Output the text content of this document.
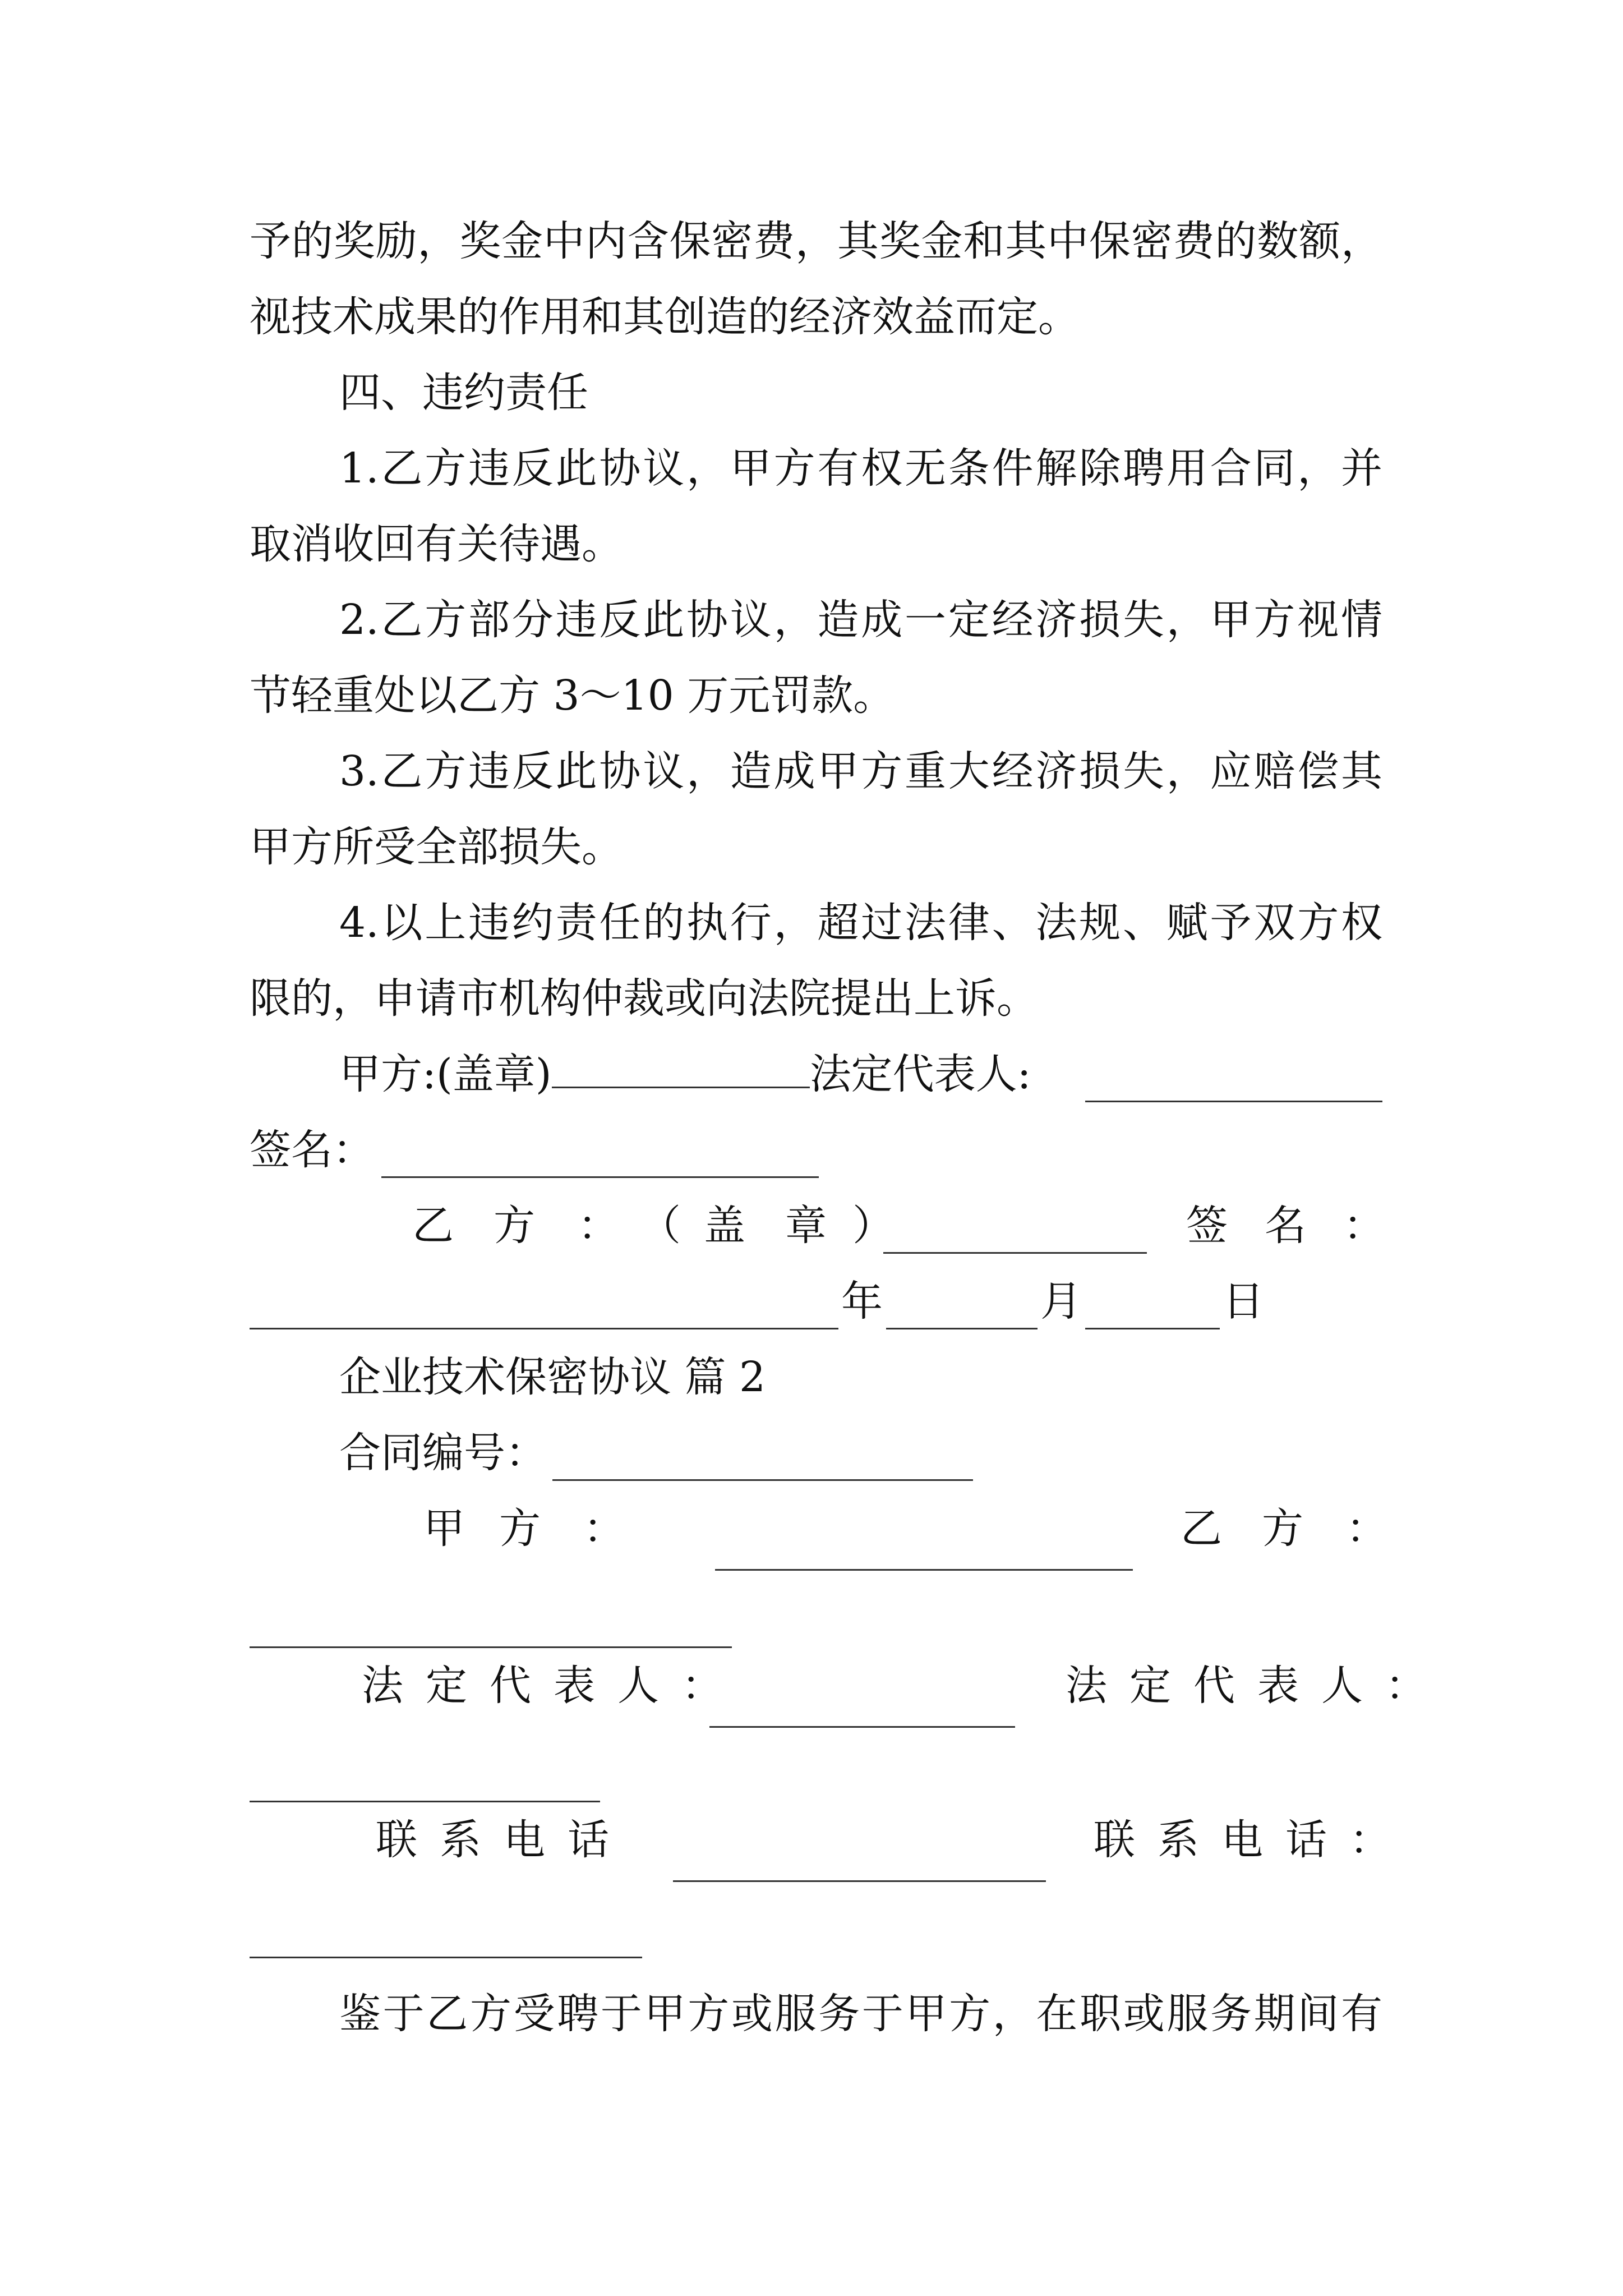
予的奖励，奖金中内含保密费，其奖金和其中保密费的数额，
视技术成果的作用和其创造的经济效益而定。
四、违约责任
1.乙方违反此协议，甲方有权无条件解除聘用合同，并
取消收回有关待遇。
2.乙方部分违反此协议，造成一定经济损失，甲方视情
节轻重处以乙方 3～10 万元罚款。
3.乙方违反此协议，造成甲方重大经济损失，应赔偿其
甲方所受全部损失。
4.以上违约责任的执行，超过法律、法规、赋予双方权
限的，申请市机构仲裁或向法院提出上诉。
甲方:(盖章)	法定代表人:
签名：
乙 方 ： （ 盖 章 ）	签 名 ：
年	月	日
企业技术保密协议 篇 2
合同编号：
甲 方 ：	乙 方 ：
法定代表人：	法定代表人：
联系电话	联系电话：
鉴于乙方受聘于甲方或服务于甲方，在职或服务期间有
